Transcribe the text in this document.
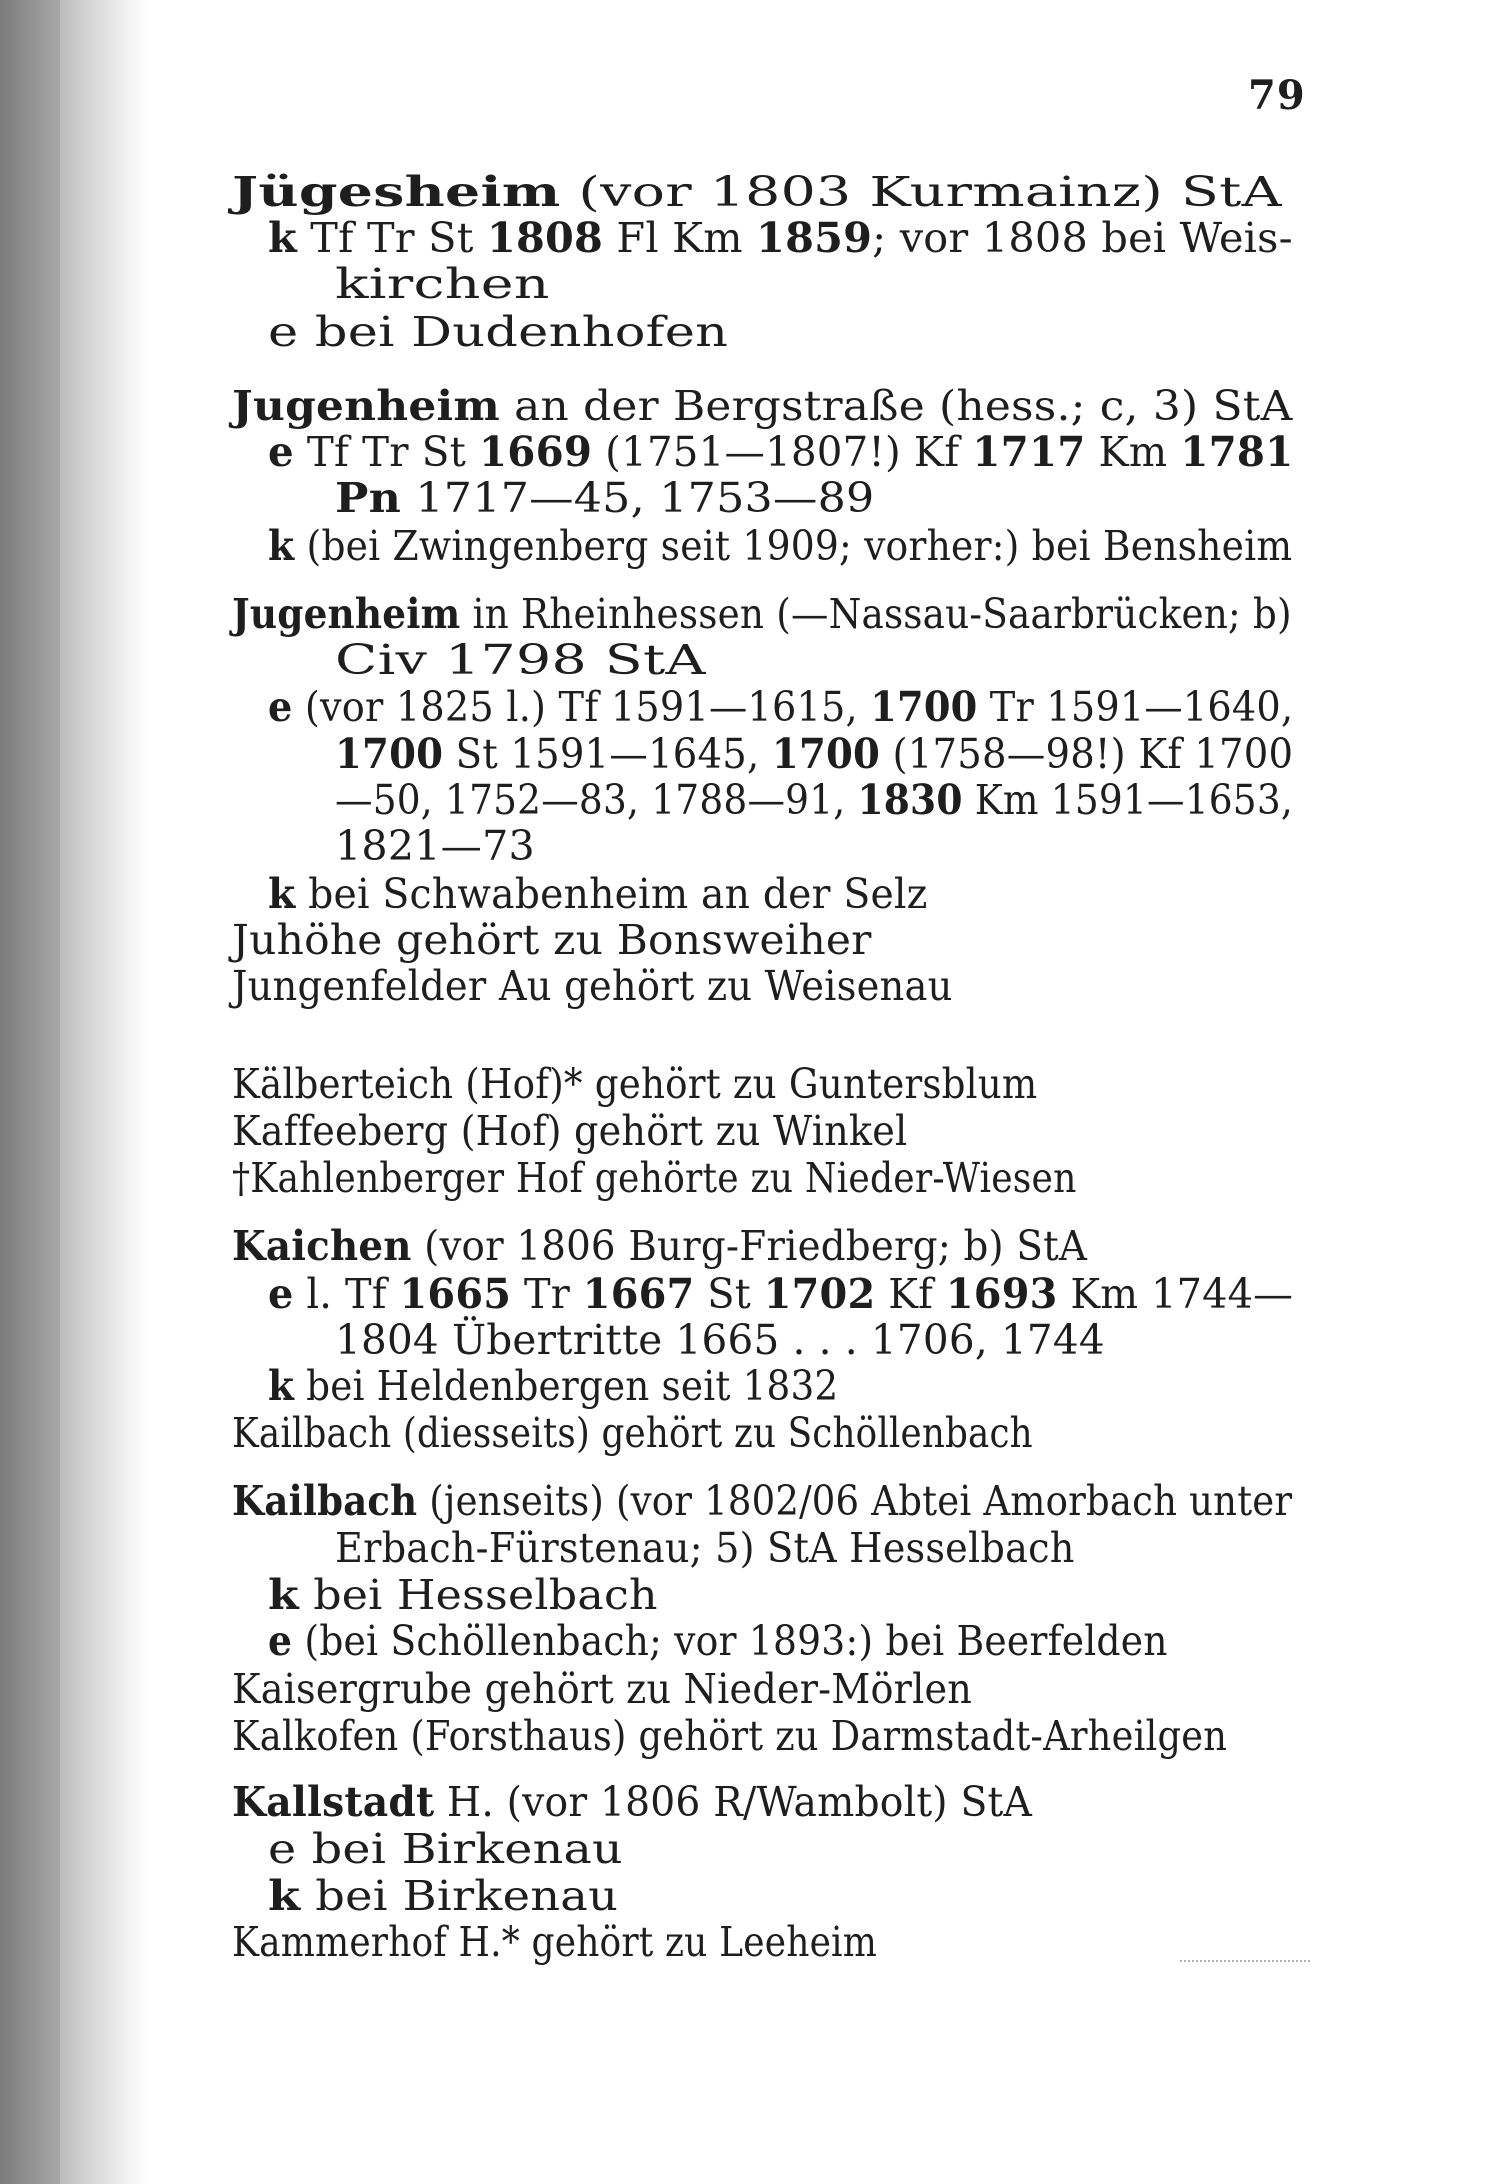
79
Jügesheim (vor 1803 Kurmainz) StA
k Tf Tr St 1808 Fl Km 1859; vor 1808 bei Weis-
kirchen
e bei Dudenhofen
Jugenheim an der Bergstraße (hess.; c, 3) StA
e Tf Tr St 1669 (1751—1807!) Kf 1717 Km 1781
Pn 1717—45, 1753—89
k (bei Zwingenberg seit 1909; vorher:) bei Bensheim
Jugenheim in Rheinhessen (—Nassau-Saarbrücken; b)
Civ 1798 StA
e (vor 1825 l.) Tf 1591—1615, 1700 Tr 1591—1640,
1700 St 1591—1645, 1700 (1758—98!) Kf 1700
—50, 1752—83, 1788—91, 1830 Km 1591—1653,
1821—73
k bei Schwabenheim an der Selz
Juhöhe gehört zu Bonsweiher
Jungenfelder Au gehört zu Weisenau
Kälberteich (Hof)* gehört zu Guntersblum
Kaffeeberg (Hof) gehört zu Winkel
†Kahlenberger Hof gehörte zu Nieder-Wiesen
Kaichen (vor 1806 Burg-Friedberg; b) StA
e l. Tf 1665 Tr 1667 St 1702 Kf 1693 Km 1744—
1804 Übertritte 1665 . . . 1706, 1744
k bei Heldenbergen seit 1832
Kailbach (diesseits) gehört zu Schöllenbach
Kailbach (jenseits) (vor 1802/06 Abtei Amorbach unter
Erbach-Fürstenau; 5) StA Hesselbach
k bei Hesselbach
e (bei Schöllenbach; vor 1893:) bei Beerfelden
Kaisergrube gehört zu Nieder-Mörlen
Kalkofen (Forsthaus) gehört zu Darmstadt-Arheilgen
Kallstadt H. (vor 1806 R/Wambolt) StA
e bei Birkenau
k bei Birkenau
Kammerhof H.* gehört zu Leeheim
